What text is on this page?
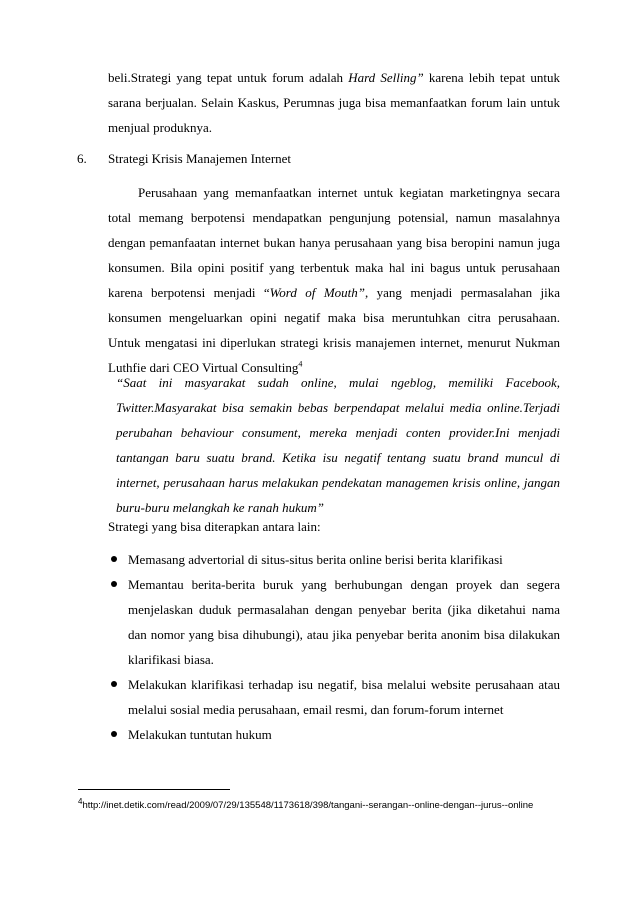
beli.Strategi yang tepat untuk forum adalah Hard Selling” karena lebih tepat untuk sarana berjualan. Selain Kaskus, Perumnas juga bisa memanfaatkan forum lain untuk menjual produknya.

6. Strategi Krisis Manajemen Internet

Perusahaan yang memanfaatkan internet untuk kegiatan marketingnya secara total memang berpotensi mendapatkan pengunjung potensial, namun masalahnya dengan pemanfaatan internet bukan hanya perusahaan yang bisa beropini namun juga konsumen. Bila opini positif yang terbentuk maka hal ini bagus untuk perusahaan karena berpotensi menjadi “Word of Mouth”, yang menjadi permasalahan jika konsumen mengeluarkan opini negatif maka bisa meruntuhkan citra perusahaan. Untuk mengatasi ini diperlukan strategi krisis manajemen internet, menurut Nukman Luthfie dari CEO Virtual Consulting$^4$

“Saat ini masyarakat sudah online, mulai ngeblog, memiliki Facebook, Twitter.Masyarakat bisa semakin bebas berpendapat melalui media online.Terjadi perubahan behaviour consument, mereka menjadi conten provider.Ini menjadi tantangan baru suatu brand. Ketika isu negatif tentang suatu brand muncul di internet, perusahaan harus melakukan pendekatan managemen krisis online, jangan buru-buru melangkah ke ranah hukum”

Strategi yang bisa diterapkan antara lain:
Memasang advertorial di situs-situs berita online berisi berita klarifikasi
Memantau berita-berita buruk yang berhubungan dengan proyek dan segera menjelaskan duduk permasalahan dengan penyebar berita (jika diketahui nama dan nomor yang bisa dihubungi), atau jika penyebar berita anonim bisa dilakukan klarifikasi biasa.
Melakukan klarifikasi terhadap isu negatif, bisa melalui website perusahaan atau melalui sosial media perusahaan, email resmi, dan forum-forum internet
Melakukan tuntutan hukum
$^4$http://inet.detik.com/read/2009/07/29/135548/1173618/398/tangani--serangan--online-dengan--jurus--online
